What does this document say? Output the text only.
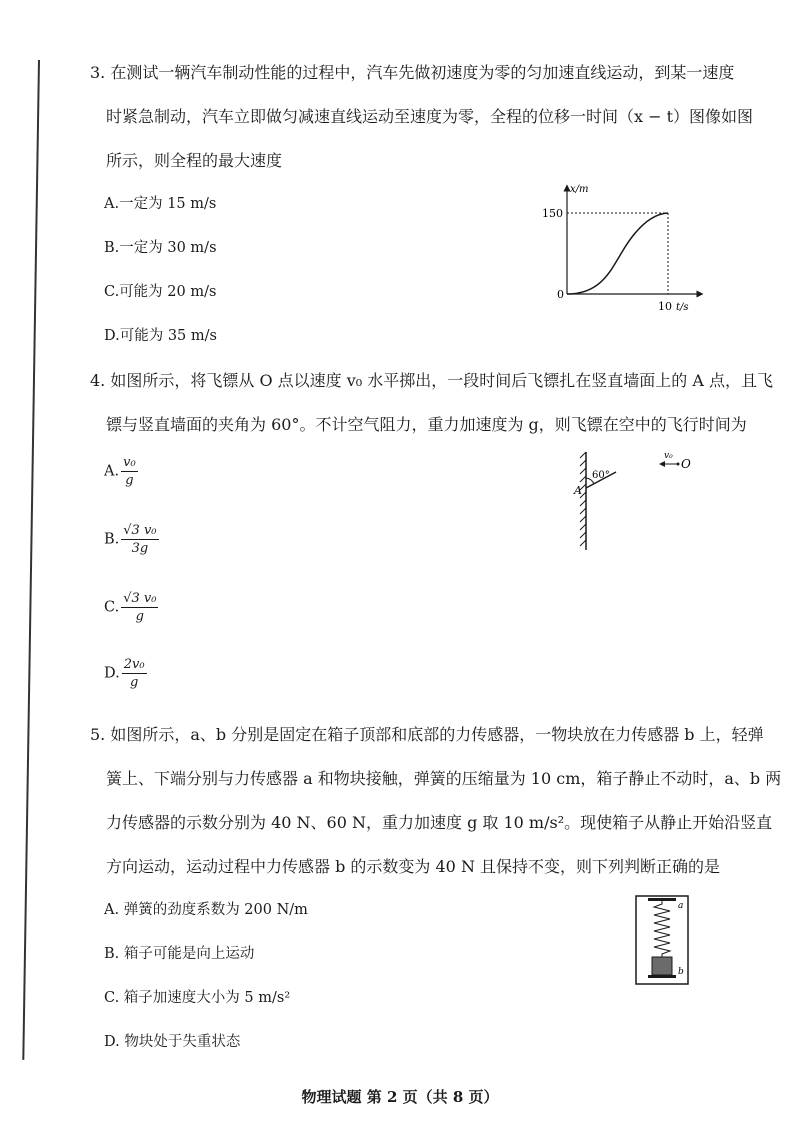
3. 在测试一辆汽车制动性能的过程中，汽车先做初速度为零的匀加速直线运动，到某一速度
时紧急制动，汽车立即做匀减速直线运动至速度为零，全程的位移一时间（x − t）图像如图
所示，则全程的最大速度
A.一定为 15 m/s
B.一定为 30 m/s
C.可能为 20 m/s
D.可能为 35 m/s
x/m
150
0
10 t/s
4. 如图所示，将飞镖从 O 点以速度 v₀ 水平掷出，一段时间后飞镖扎在竖直墙面上的 A 点，且飞
镖与竖直墙面的夹角为 60°。不计空气阻力，重力加速度为 g，则飞镖在空中的飞行时间为
A. $\frac{\text{v₀}}{g}$
B. $\frac{\text{√3 v₀}}{3g}$
C. $\frac{\text{√3 v₀}}{g}$
D. $\frac{\text{2v₀}}{g}$
60°
A
v₀
O
5. 如图所示，a、b 分别是固定在箱子顶部和底部的力传感器，一物块放在力传感器 b 上，轻弹
簧上、下端分别与力传感器 a 和物块接触，弹簧的压缩量为 10 cm，箱子静止不动时，a、b 两
力传感器的示数分别为 40 N、60 N，重力加速度 g 取 10 m/s²。现使箱子从静止开始沿竖直
方向运动，运动过程中力传感器 b 的示数变为 40 N 且保持不变，则下列判断正确的是
A. 弹簧的劲度系数为 200 N/m
B. 箱子可能是向上运动
C. 箱子加速度大小为 5 m/s²
D. 物块处于失重状态
a
b
物理试题 第 2 页（共 8 页）
